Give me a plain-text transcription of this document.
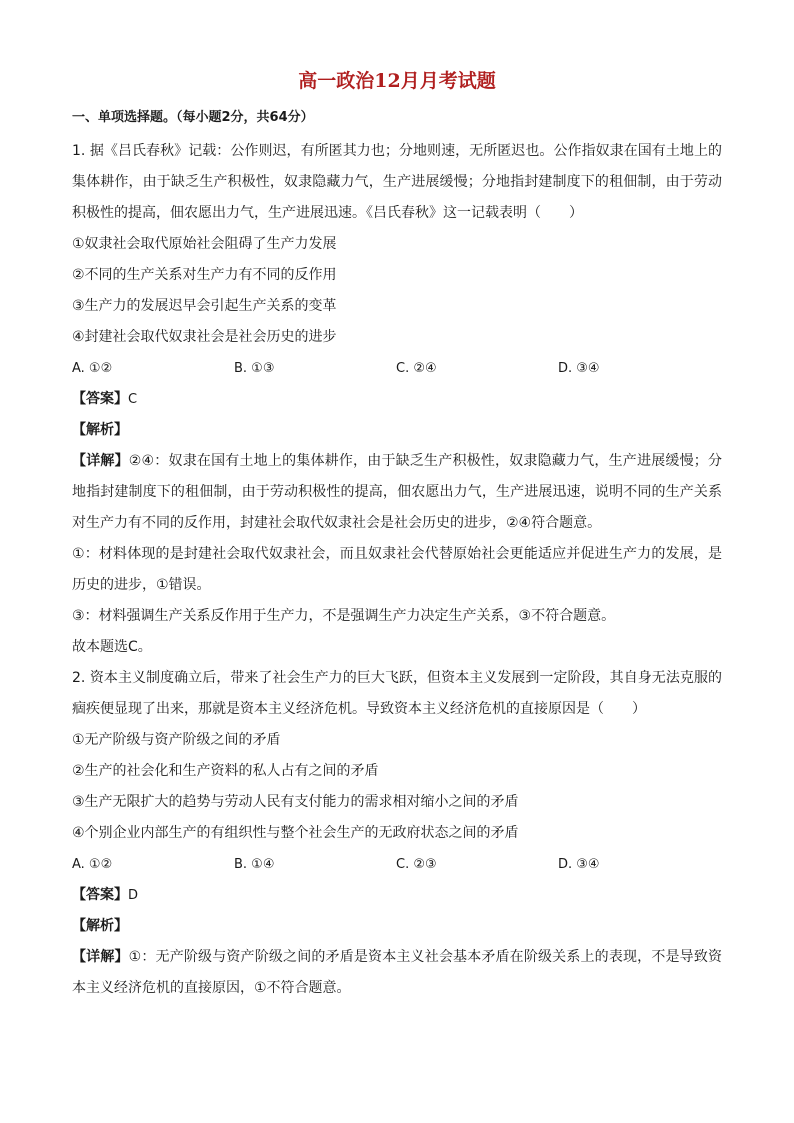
高一政治12月月考试题
一、单项选择题。（每小题2分，共64分）

1. 据《吕氏春秋》记载：公作则迟，有所匿其力也；分地则速，无所匿迟也。公作指奴隶在国有土地上的集体耕作，由于缺乏生产积极性，奴隶隐藏力气，生产进展缓慢；分地指封建制度下的租佃制，由于劳动积极性的提高，佃农愿出力气，生产进展迅速。《吕氏春秋》这一记载表明（　　）

①奴隶社会取代原始社会阻碍了生产力发展

②不同的生产关系对生产力有不同的反作用

③生产力的发展迟早会引起生产关系的变革

④封建社会取代奴隶社会是社会历史的进步

A. ①②	B. ①③	C. ②④	D. ③④

【答案】C

【解析】

【详解】②④：奴隶在国有土地上的集体耕作，由于缺乏生产积极性，奴隶隐藏力气，生产进展缓慢；分地指封建制度下的租佃制，由于劳动积极性的提高，佃农愿出力气，生产进展迅速，说明不同的生产关系对生产力有不同的反作用，封建社会取代奴隶社会是社会历史的进步，②④符合题意。

①：材料体现的是封建社会取代奴隶社会，而且奴隶社会代替原始社会更能适应并促进生产力的发展，是历史的进步，①错误。

③：材料强调生产关系反作用于生产力，不是强调生产力决定生产关系，③不符合题意。

故本题选C。

2. 资本主义制度确立后，带来了社会生产力的巨大飞跃，但资本主义发展到一定阶段，其自身无法克服的痼疾便显现了出来，那就是资本主义经济危机。导致资本主义经济危机的直接原因是（　　）

①无产阶级与资产阶级之间的矛盾

②生产的社会化和生产资料的私人占有之间的矛盾

③生产无限扩大的趋势与劳动人民有支付能力的需求相对缩小之间的矛盾

④个别企业内部生产的有组织性与整个社会生产的无政府状态之间的矛盾

A. ①②	B. ①④	C. ②③	D. ③④

【答案】D

【解析】

【详解】①：无产阶级与资产阶级之间的矛盾是资本主义社会基本矛盾在阶级关系上的表现，不是导致资本主义经济危机的直接原因，①不符合题意。
